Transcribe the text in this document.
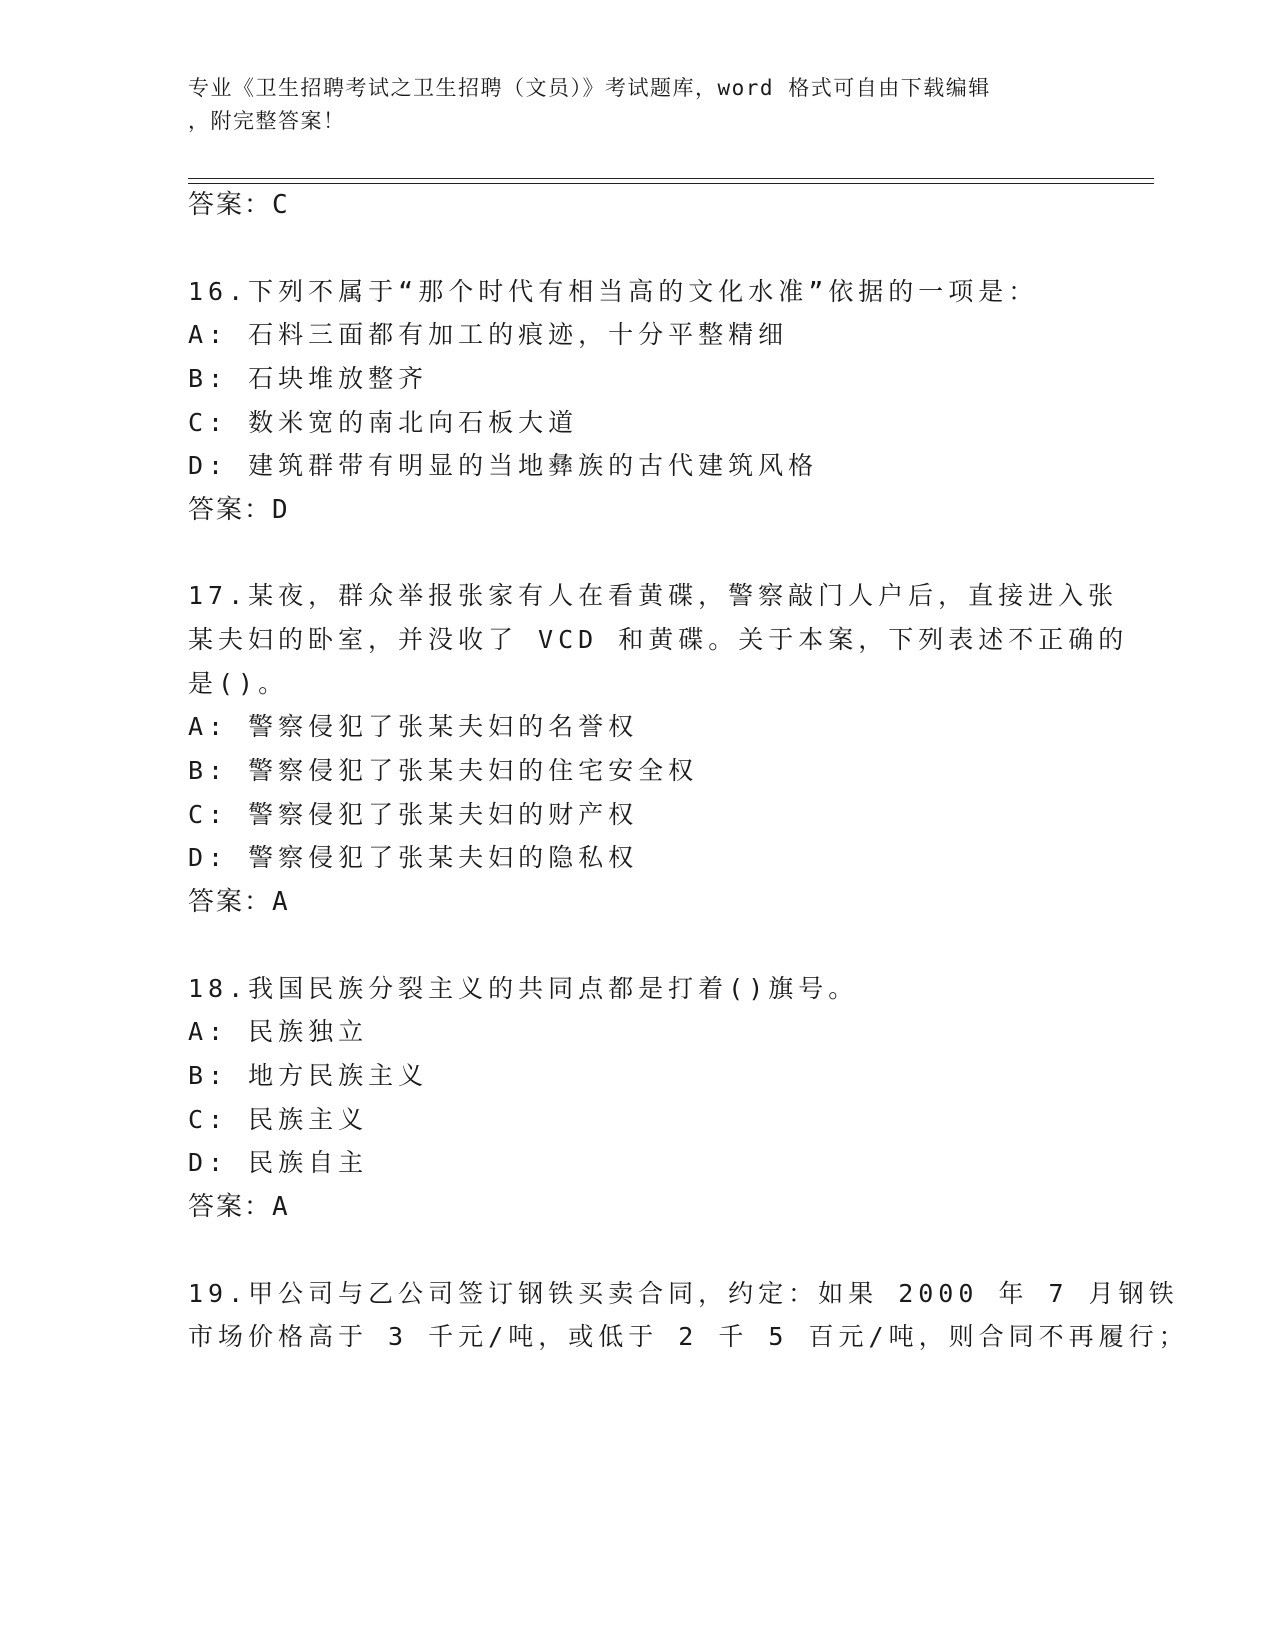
专业《卫生招聘考试之卫生招聘（文员）》考试题库，word 格式可自由下载编辑
，附完整答案！
答案：C
16.下列不属于“那个时代有相当高的文化水准”依据的一项是：
A: 石料三面都有加工的痕迹，十分平整精细
B: 石块堆放整齐
C: 数米宽的南北向石板大道
D: 建筑群带有明显的当地彝族的古代建筑风格
答案：D
17.某夜，群众举报张家有人在看黄碟，警察敲门人户后，直接进入张
某夫妇的卧室，并没收了 VCD 和黄碟。关于本案，下列表述不正确的
是()。
A: 警察侵犯了张某夫妇的名誉权
B: 警察侵犯了张某夫妇的住宅安全权
C: 警察侵犯了张某夫妇的财产权
D: 警察侵犯了张某夫妇的隐私权
答案：A
18.我国民族分裂主义的共同点都是打着()旗号。
A: 民族独立
B: 地方民族主义
C: 民族主义
D: 民族自主
答案：A
19.甲公司与乙公司签订钢铁买卖合同，约定：如果 2000 年 7 月钢铁
市场价格高于 3 千元/吨，或低于 2 千 5 百元/吨，则合同不再履行；
